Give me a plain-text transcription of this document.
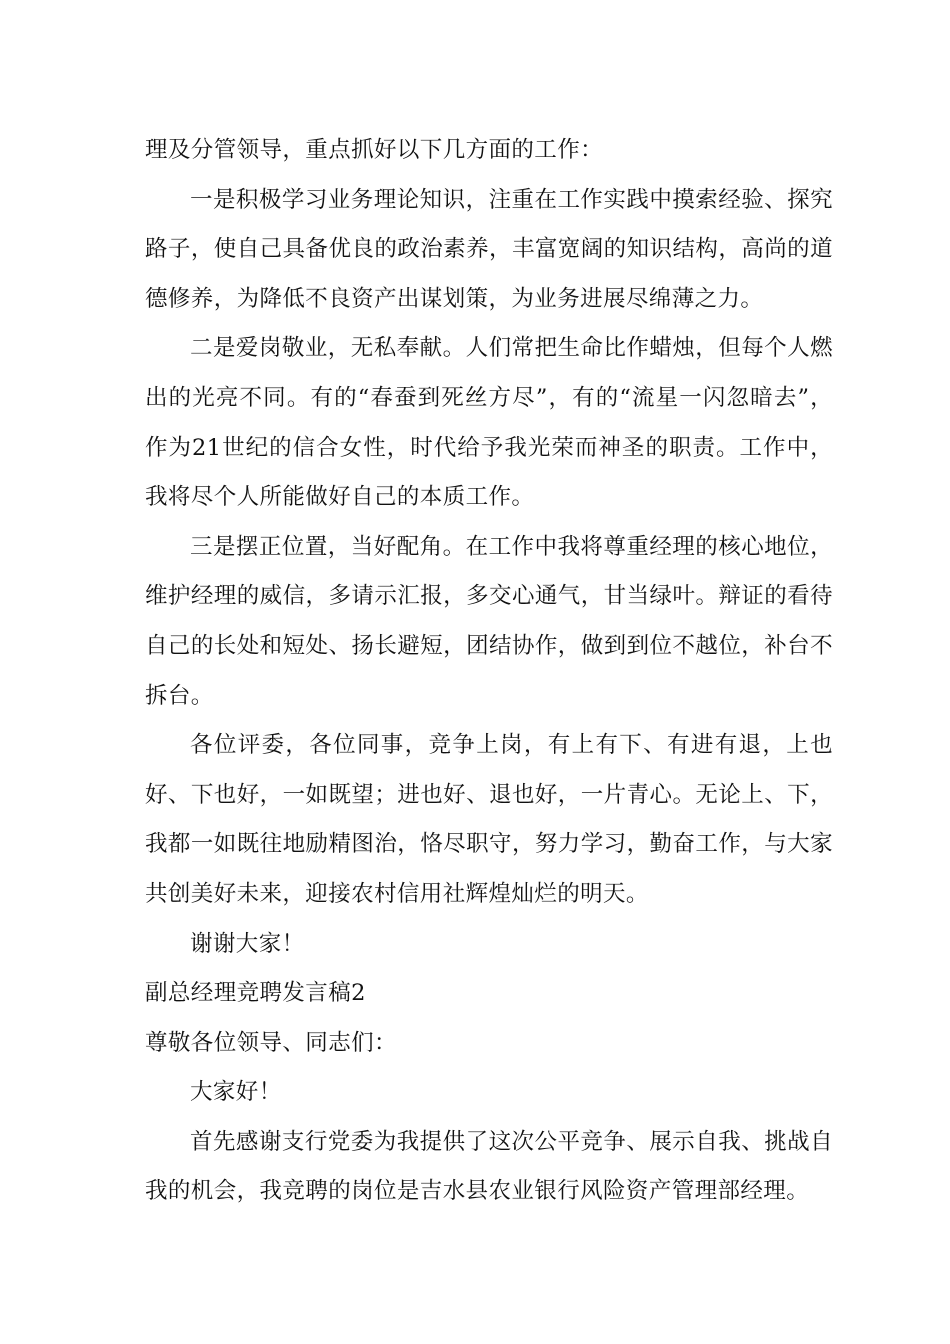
理及分管领导，重点抓好以下几方面的工作：

一是积极学习业务理论知识，注重在工作实践中摸索经验、探究路子，使自己具备优良的政治素养，丰富宽阔的知识结构，高尚的道德修养，为降低不良资产出谋划策，为业务进展尽绵薄之力。

二是爱岗敬业，无私奉献。人们常把生命比作蜡烛，但每个人燃出的光亮不同。有的“春蚕到死丝方尽”，有的“流星一闪忽暗去”，作为21世纪的信合女性，时代给予我光荣而神圣的职责。工作中，我将尽个人所能做好自己的本质工作。

三是摆正位置，当好配角。在工作中我将尊重经理的核心地位，维护经理的威信，多请示汇报，多交心通气，甘当绿叶。辩证的看待自己的长处和短处、扬长避短，团结协作，做到到位不越位，补台不拆台。

各位评委，各位同事，竞争上岗，有上有下、有进有退，上也好、下也好，一如既望；进也好、退也好，一片青心。无论上、下，我都一如既往地励精图治，恪尽职守，努力学习，勤奋工作，与大家共创美好未来，迎接农村信用社辉煌灿烂的明天。

谢谢大家！

副总经理竞聘发言稿2

尊敬各位领导、同志们：

大家好！

首先感谢支行党委为我提供了这次公平竞争、展示自我、挑战自我的机会，我竞聘的岗位是吉水县农业银行风险资产管理部经理。
